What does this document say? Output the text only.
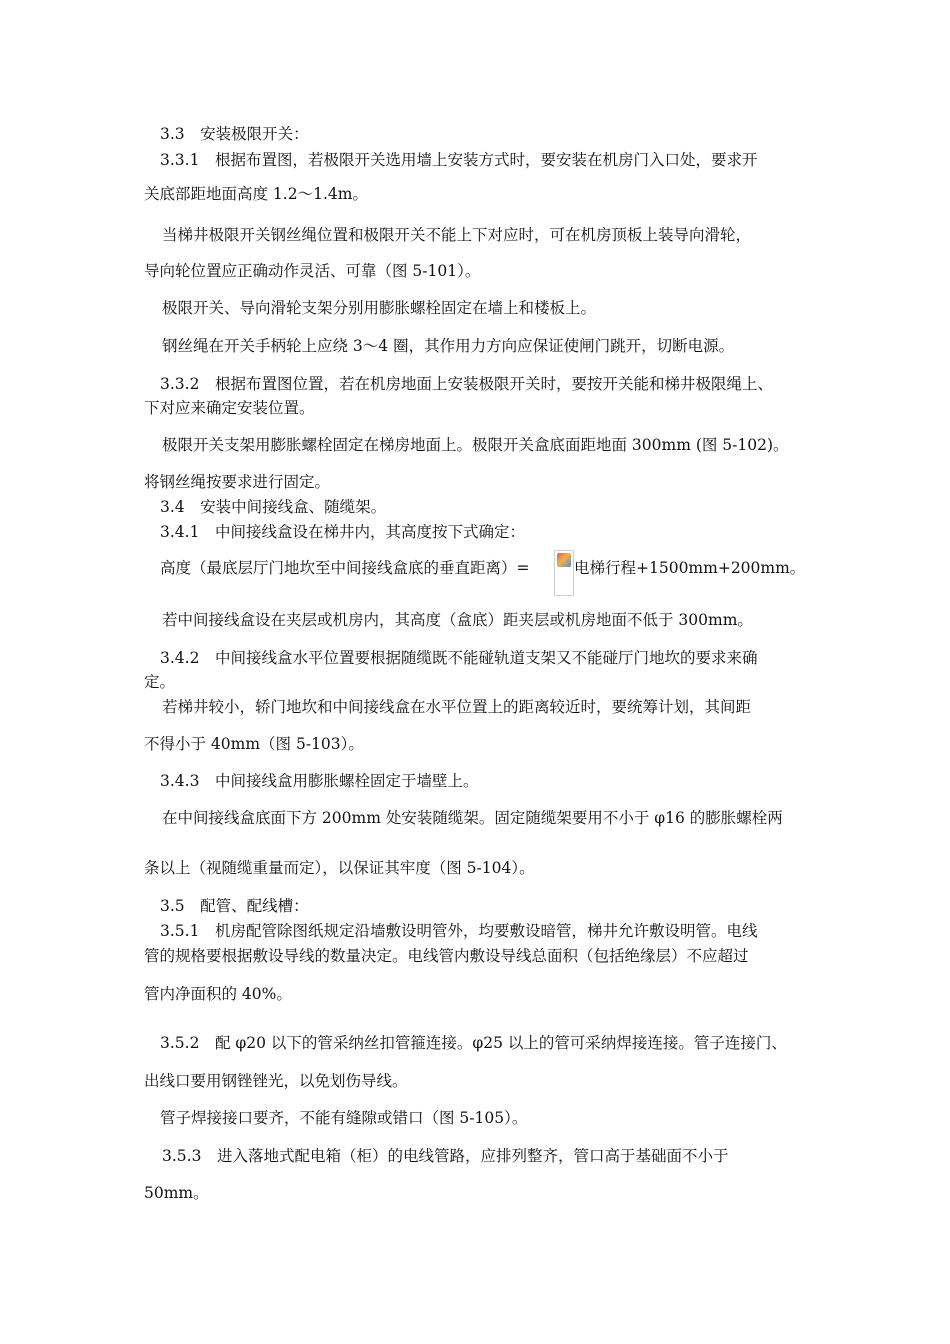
3.3　安装极限开关：
3.3.1　根据布置图，若极限开关选用墙上安装方式时，要安装在机房门入口处，要求开
关底部距地面高度 1.2～1.4m。
当梯井极限开关钢丝绳位置和极限开关不能上下对应时，可在机房顶板上装导向滑轮，
导向轮位置应正确动作灵活、可靠（图 5-101）。
极限开关、导向滑轮支架分别用膨胀螺栓固定在墙上和楼板上。
钢丝绳在开关手柄轮上应绕 3～4 圈，其作用力方向应保证使闸门跳开，切断电源。
3.3.2　根据布置图位置，若在机房地面上安装极限开关时，要按开关能和梯井极限绳上、
下对应来确定安装位置。
极限开关支架用膨胀螺栓固定在梯房地面上。极限开关盒底面距地面 300mm (图 5-102)。
将钢丝绳按要求进行固定。
3.4　安装中间接线盒、随缆架。
3.4.1　中间接线盒设在梯井内，其高度按下式确定：
高度（最底层厅门地坎至中间接线盒底的垂直距离）=	电梯行程+1500mm+200mm。
若中间接线盒设在夹层或机房内，其高度（盒底）距夹层或机房地面不低于 300mm。
3.4.2　中间接线盒水平位置要根据随缆既不能碰轨道支架又不能碰厅门地坎的要求来确
定。
若梯井较小，轿门地坎和中间接线盒在水平位置上的距离较近时，要统筹计划，其间距
不得小于 40mm（图 5-103）。
3.4.3　中间接线盒用膨胀螺栓固定于墙壁上。
在中间接线盒底面下方 200mm 处安装随缆架。固定随缆架要用不小于 φ16 的膨胀螺栓两
条以上（视随缆重量而定），以保证其牢度（图 5-104）。
3.5　配管、配线槽：
3.5.1　机房配管除图纸规定沿墙敷设明管外，均要敷设暗管，梯井允许敷设明管。电线
管的规格要根据敷设导线的数量决定。电线管内敷设导线总面积（包括绝缘层）不应超过
管内净面积的 40%。
3.5.2　配 φ20 以下的管采纳丝扣管箍连接。φ25 以上的管可采纳焊接连接。管子连接门、
出线口要用钢锉锉光，以免划伤导线。
管子焊接接口要齐，不能有缝隙或错口（图 5-105）。
3.5.3　进入落地式配电箱（柜）的电线管路，应排列整齐，管口高于基础面不小于
50mm。
